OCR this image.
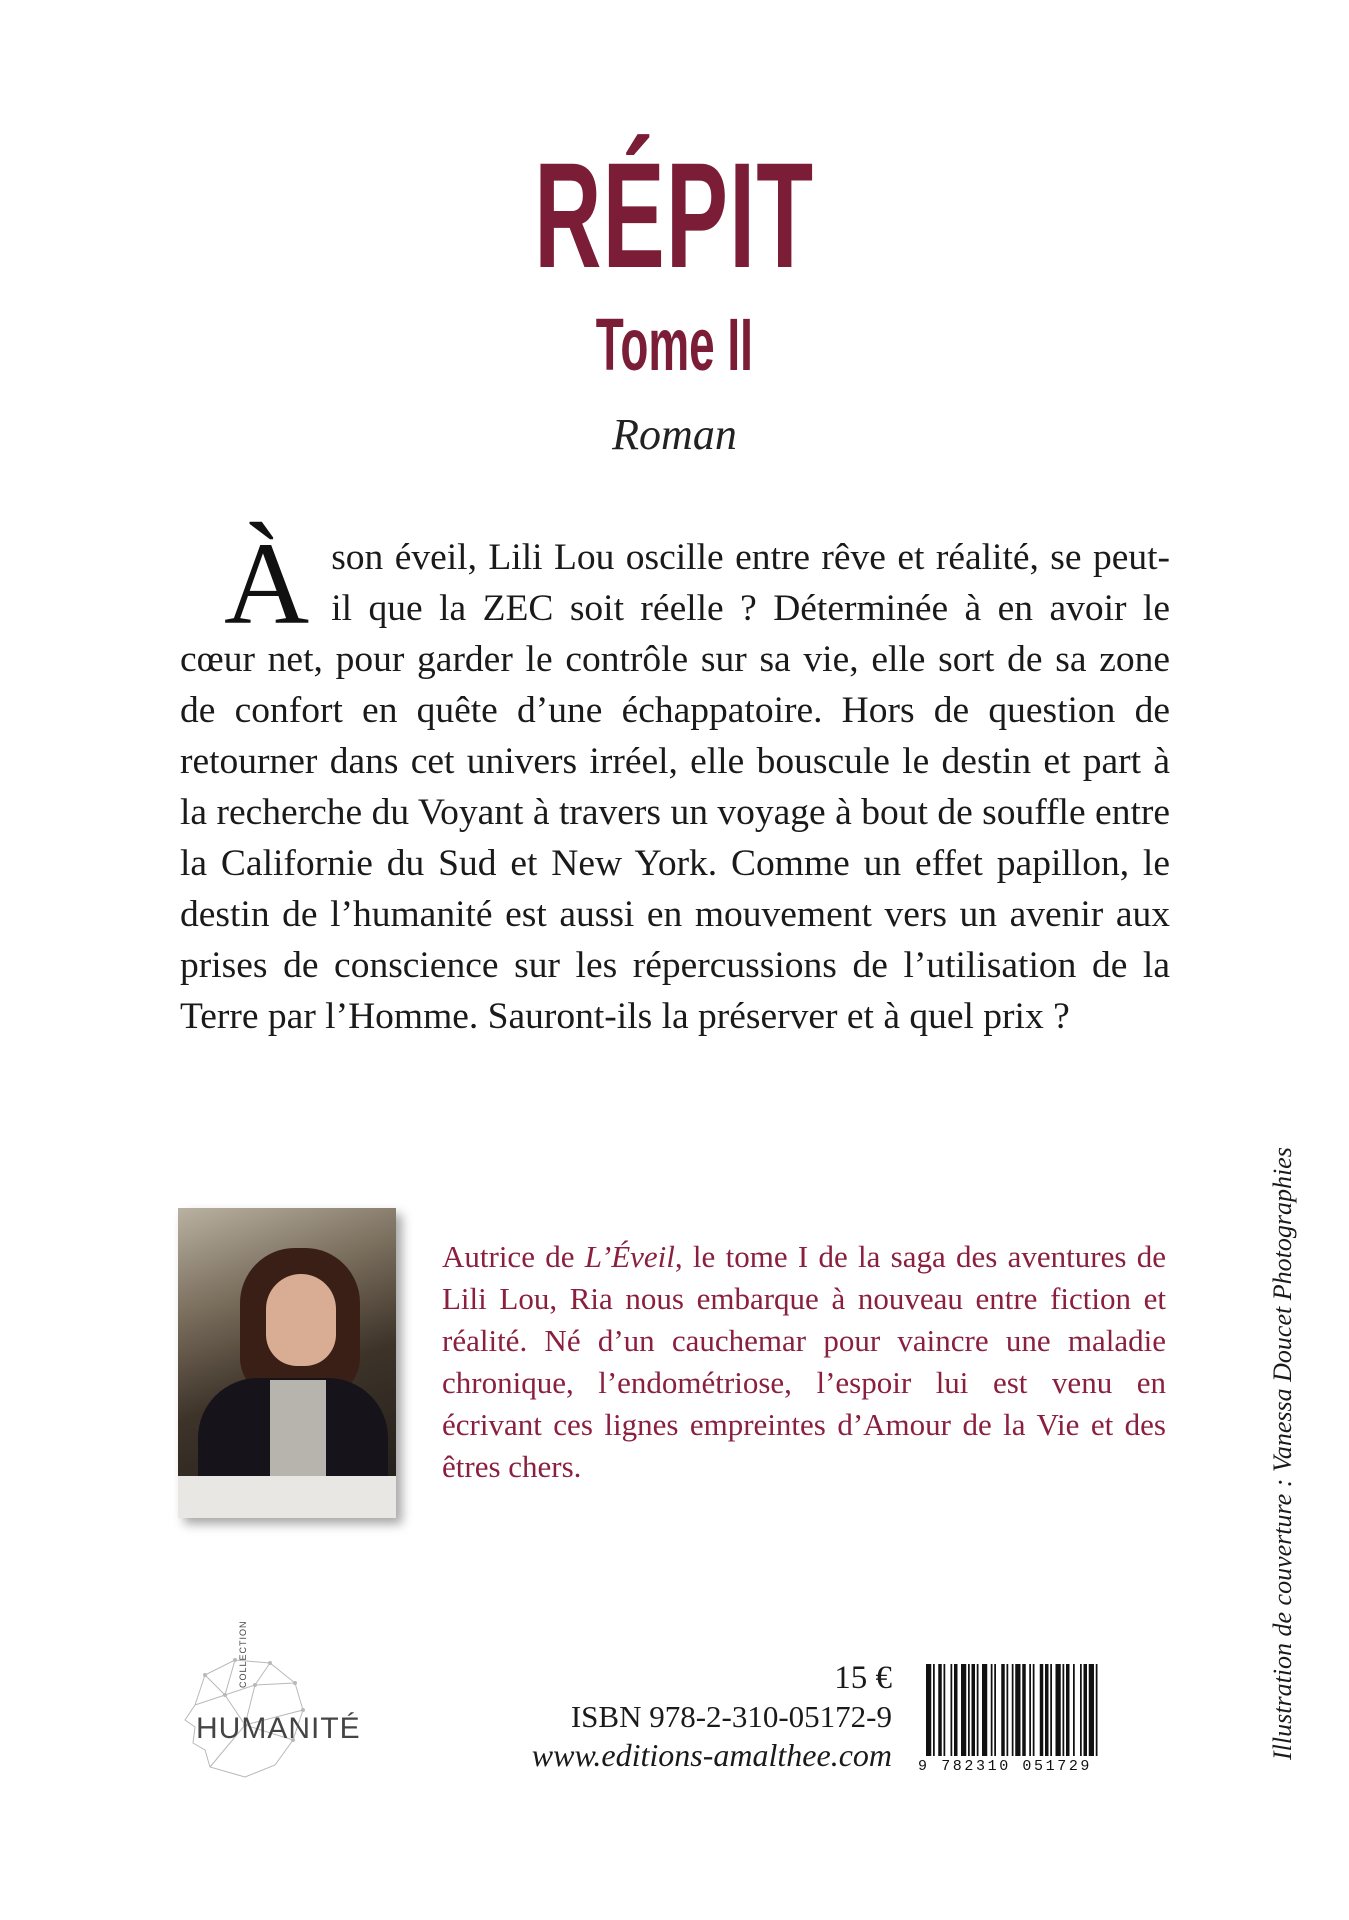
RÉPIT
Tome II
Roman
Àson éveil, Lili Lou oscille entre rêve et réalité, se peut-il que la ZEC soit réelle ? Déterminée à en avoir le cœur net, pour garder le contrôle sur sa vie, elle sort de sa zone de confort en quête d’une échappatoire. Hors de question de retourner dans cet univers irréel, elle bouscule le destin et part à la recherche du Voyant à travers un voyage à bout de souffle entre la Californie du Sud et New York. Comme un effet papillon, le destin de l’humanité est aussi en mouvement vers un avenir aux prises de conscience sur les répercussions de l’utilisation de la Terre par l’Homme. Sauront-ils la préserver et à quel prix ?
Autrice de L’Éveil, le tome I de la saga des aventures de Lili Lou, Ria nous embarque à nouveau entre fiction et réalité. Né d’un cauchemar pour vaincre une maladie chronique, l’endométriose, l’espoir lui est venu en écrivant ces lignes empreintes d’Amour de la Vie et des êtres chers.	Illustration de couverture : Vanessa Doucet Photographies
COLLECTION
HUMANITÉ
15 €
ISBN 978-2-310-05172-9
www.editions-amalthee.com 9 782310 051729
